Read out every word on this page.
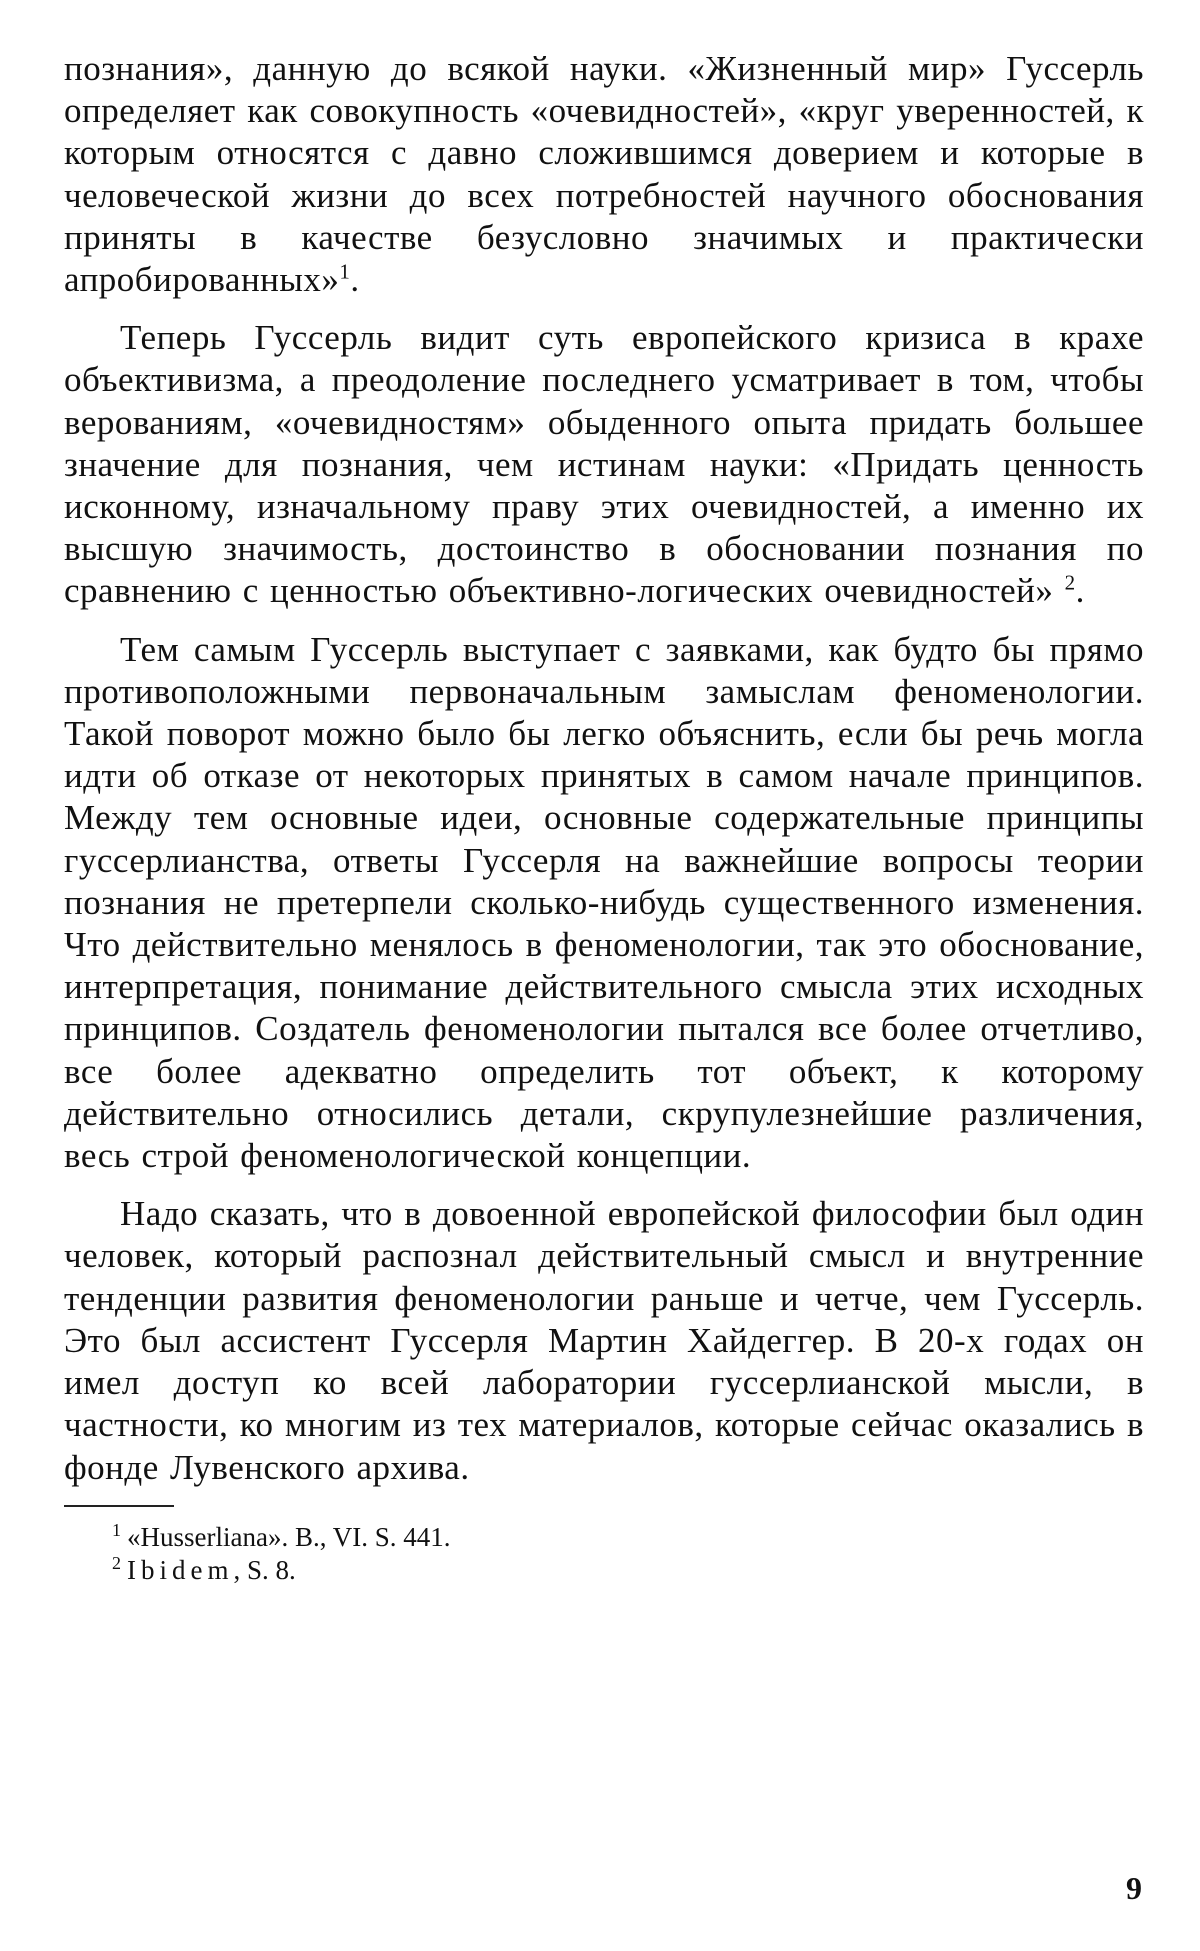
познания», данную до всякой науки. «Жизненный мир» Гуссерль определяет как совокупность «очевидностей», «круг уверенностей, к которым относятся с давно сложившимся доверием и которые в человеческой жизни до всех потребностей научного обоснования приняты в качестве безусловно значимых и практически апробированных»$^1$.

Теперь Гуссерль видит суть европейского кризиса в крахе объективизма, а преодоление последнего усматривает в том, чтобы верованиям, «очевидностям» обыденного опыта придать большее значение для познания, чем истинам науки: «Придать ценность исконному, изначальному праву этих очевидностей, а именно их высшую значимость, достоинство в обосновании познания по сравнению с ценностью объективно-логических очевидностей» $^2$.

Тем самым Гуссерль выступает с заявками, как будто бы прямо противоположными первоначальным замыслам феноменологии. Такой поворот можно было бы легко объяснить, если бы речь могла идти об отказе от некоторых принятых в самом начале принципов. Между тем основные идеи, основные содержательные принципы гуссерлианства, ответы Гуссерля на важнейшие вопросы теории познания не претерпели сколько-нибудь существенного изменения. Что действительно менялось в феноменологии, так это обоснование, интерпретация, понимание действительного смысла этих исходных принципов. Создатель феноменологии пытался все более отчетливо, все более адекватно определить тот объект, к которому действительно относились детали, скрупулезнейшие различения, весь строй феноменологической концепции.

Надо сказать, что в довоенной европейской философии был один человек, который распознал действительный смысл и внутренние тенденции развития феноменологии раньше и четче, чем Гуссерль. Это был ассистент Гуссерля Мартин Хайдеггер. В 20-х годах он имел доступ ко всей лаборатории гуссерлианской мысли, в частности, ко многим из тех материалов, которые сейчас оказались в фонде Лувенского архива.

$^1$ «Husserliana». B., VI. S. 441.

$^2$ Ibidem, S. 8.

9
